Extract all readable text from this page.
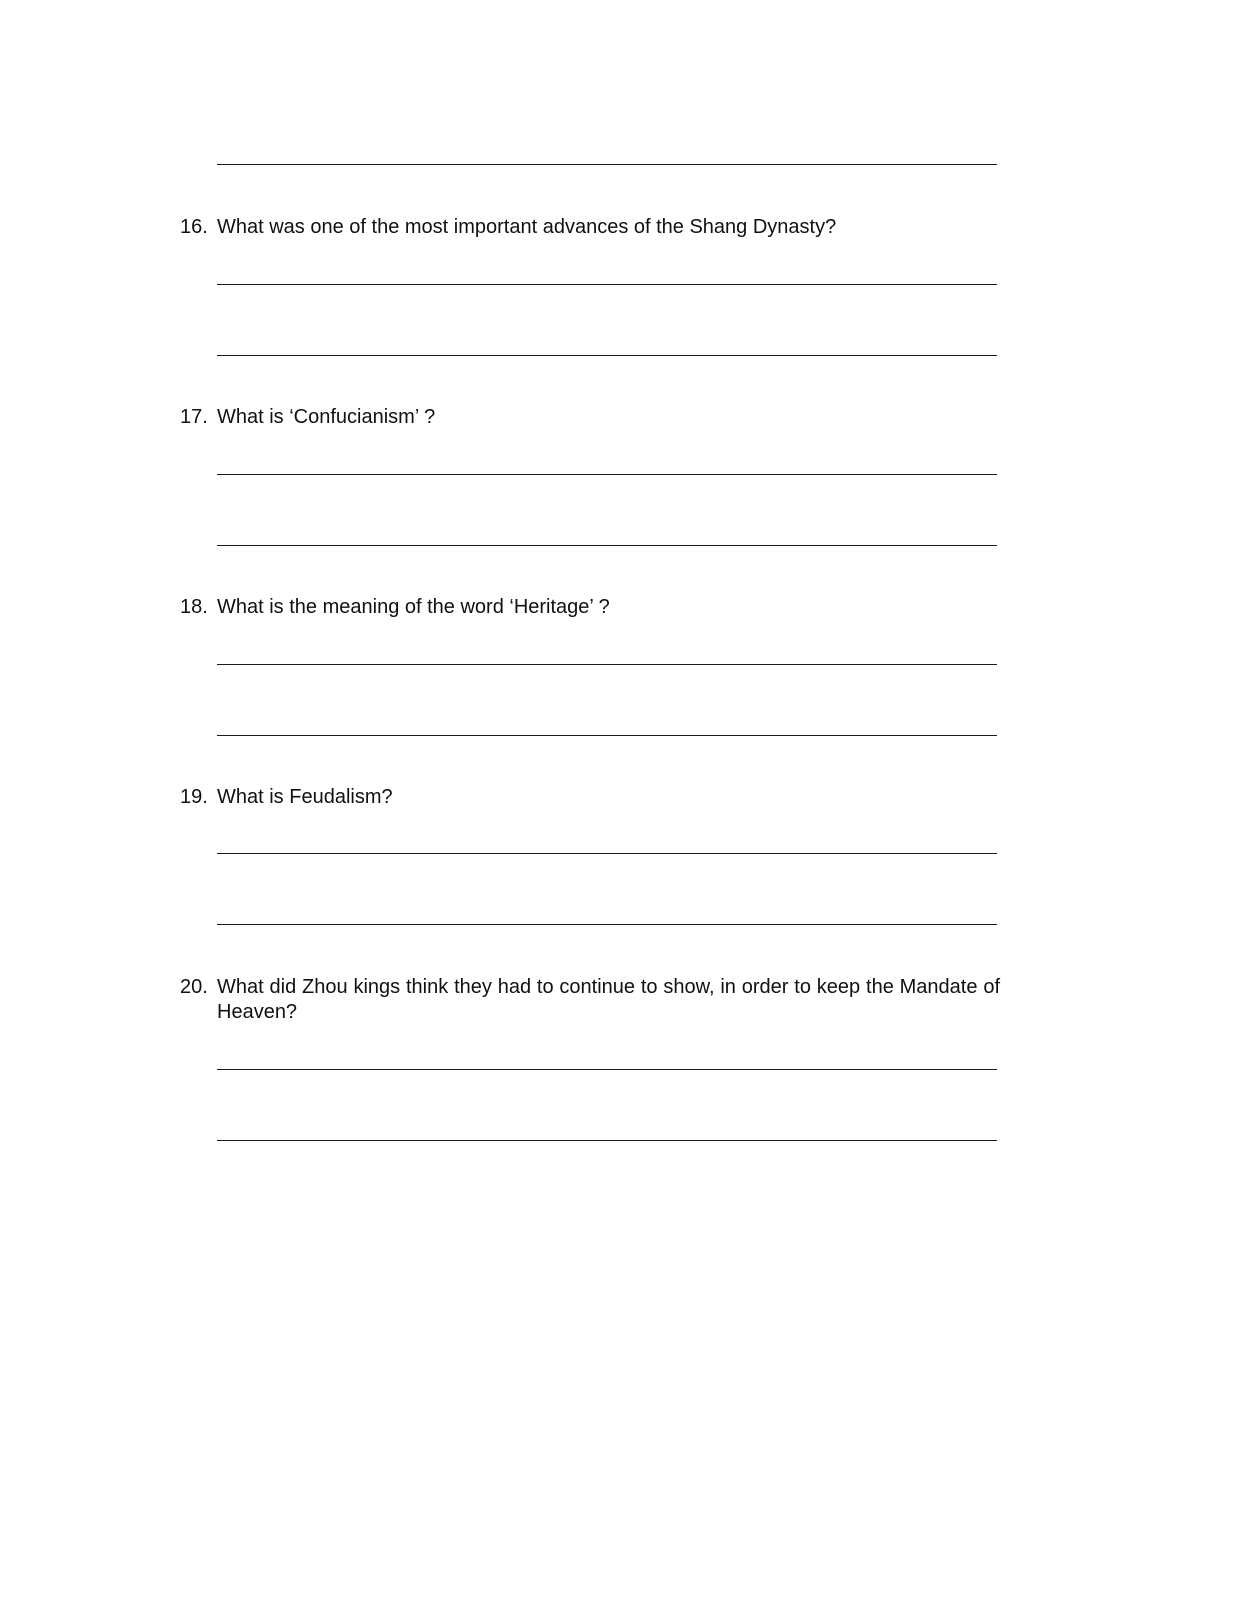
16. What was one of the most important advances of the Shang Dynasty?
17. What is ‘Confucianism’ ?
18. What is the meaning of the word ‘Heritage’ ?
19. What is Feudalism?
20. What did Zhou kings think they had to continue to show, in order to keep the Mandate of Heaven?
